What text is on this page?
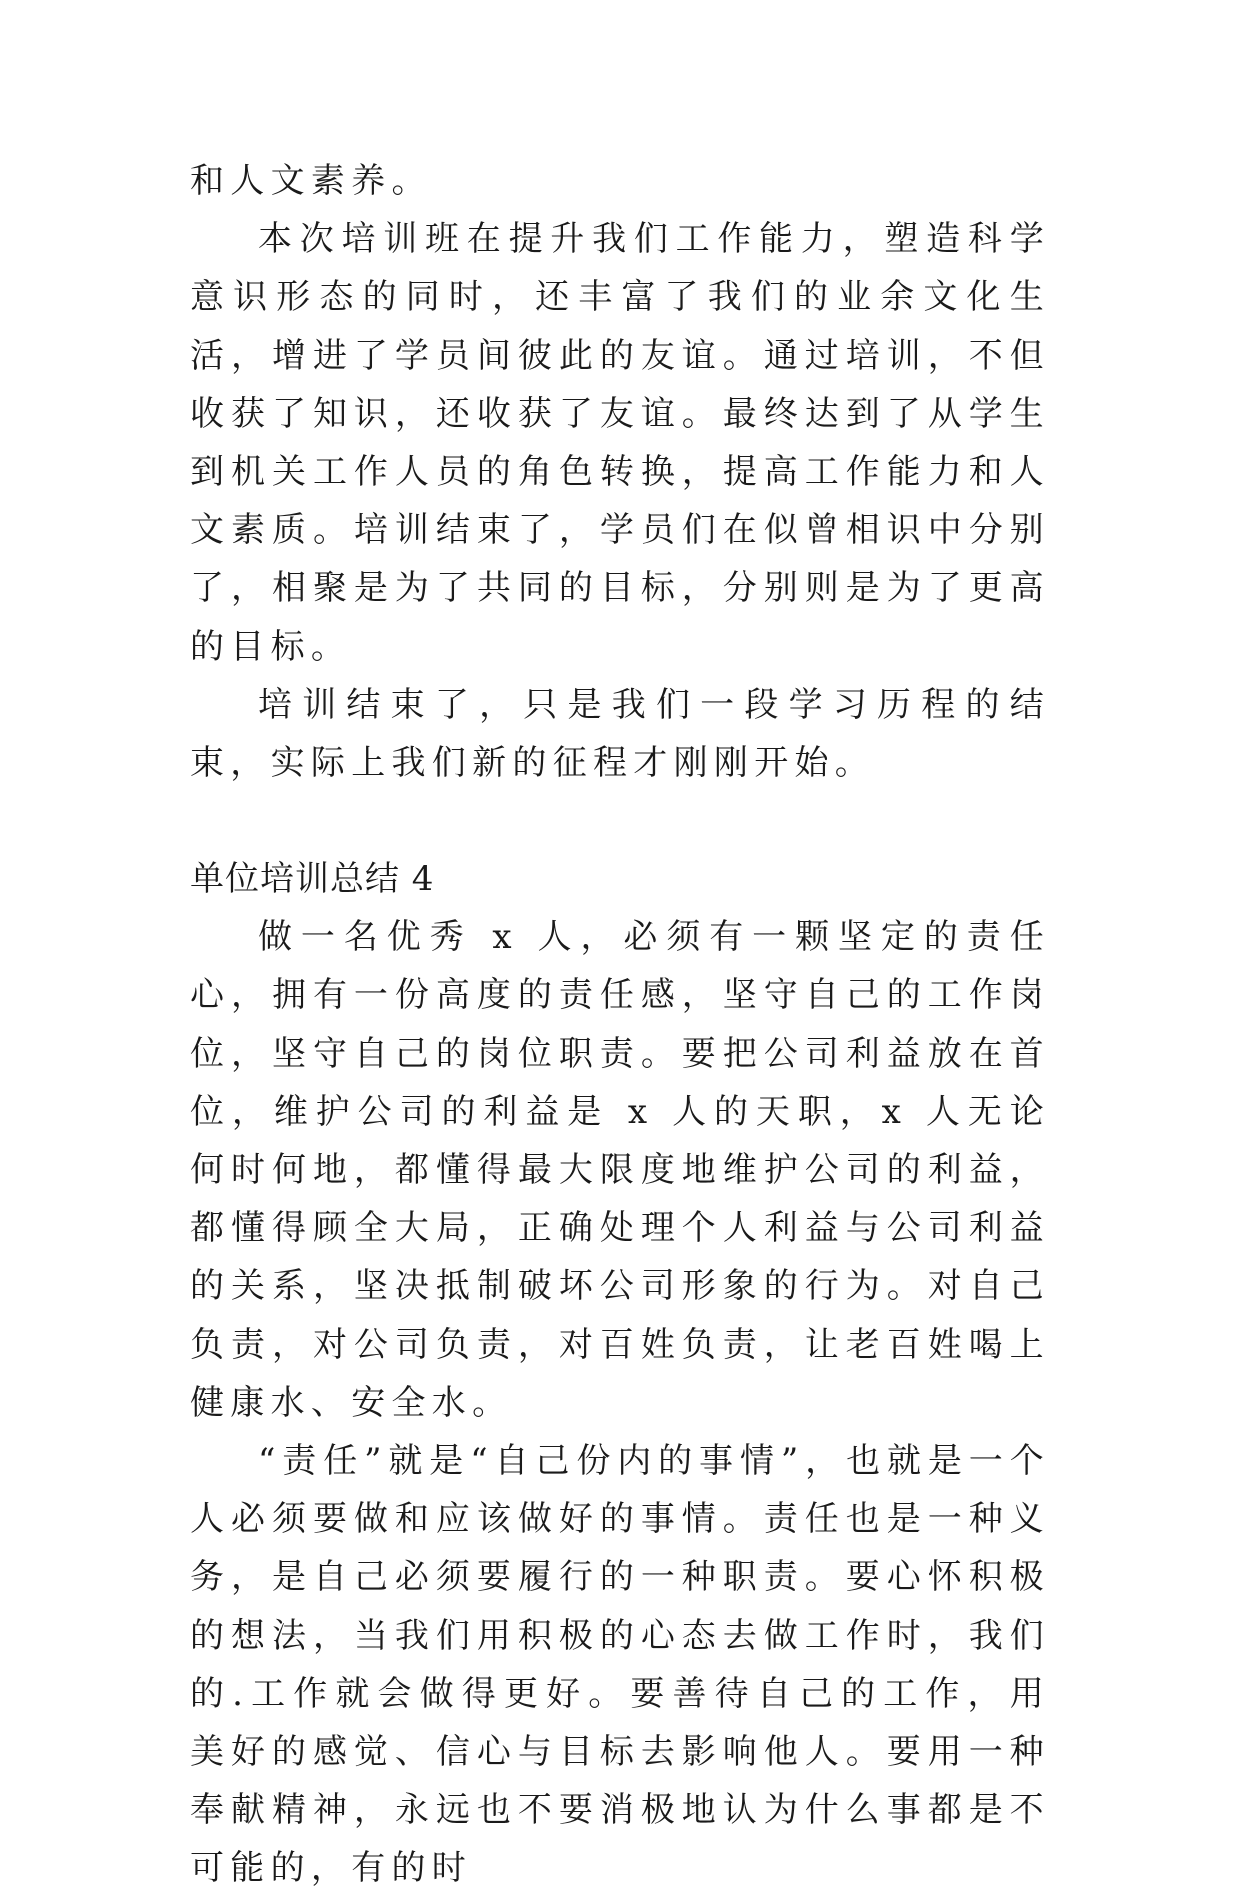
和人文素养。

本次培训班在提升我们工作能力，塑造科学意识形态的同时，还丰富了我们的业余文化生活，增进了学员间彼此的友谊。通过培训，不但收获了知识，还收获了友谊。最终达到了从学生到机关工作人员的角色转换，提高工作能力和人文素质。培训结束了，学员们在似曾相识中分别了，相聚是为了共同的目标，分别则是为了更高的目标。

培训结束了，只是我们一段学习历程的结束，实际上我们新的征程才刚刚开始。

单位培训总结 4

做一名优秀 x 人，必须有一颗坚定的责任心，拥有一份高度的责任感，坚守自己的工作岗位，坚守自己的岗位职责。要把公司利益放在首位，维护公司的利益是 x 人的天职，x 人无论何时何地，都懂得最大限度地维护公司的利益，都懂得顾全大局，正确处理个人利益与公司利益的关系，坚决抵制破坏公司形象的行为。对自己负责，对公司负责，对百姓负责，让老百姓喝上健康水、安全水。

“责任”就是“自己份内的事情”，也就是一个人必须要做和应该做好的事情。责任也是一种义务，是自己必须要履行的一种职责。要心怀积极的想法，当我们用积极的心态去做工作时，我们的.工作就会做得更好。要善待自己的工作，用美好的感觉、信心与目标去影响他人。要用一种奉献精神，永远也不要消极地认为什么事都是不可能的，有的时
